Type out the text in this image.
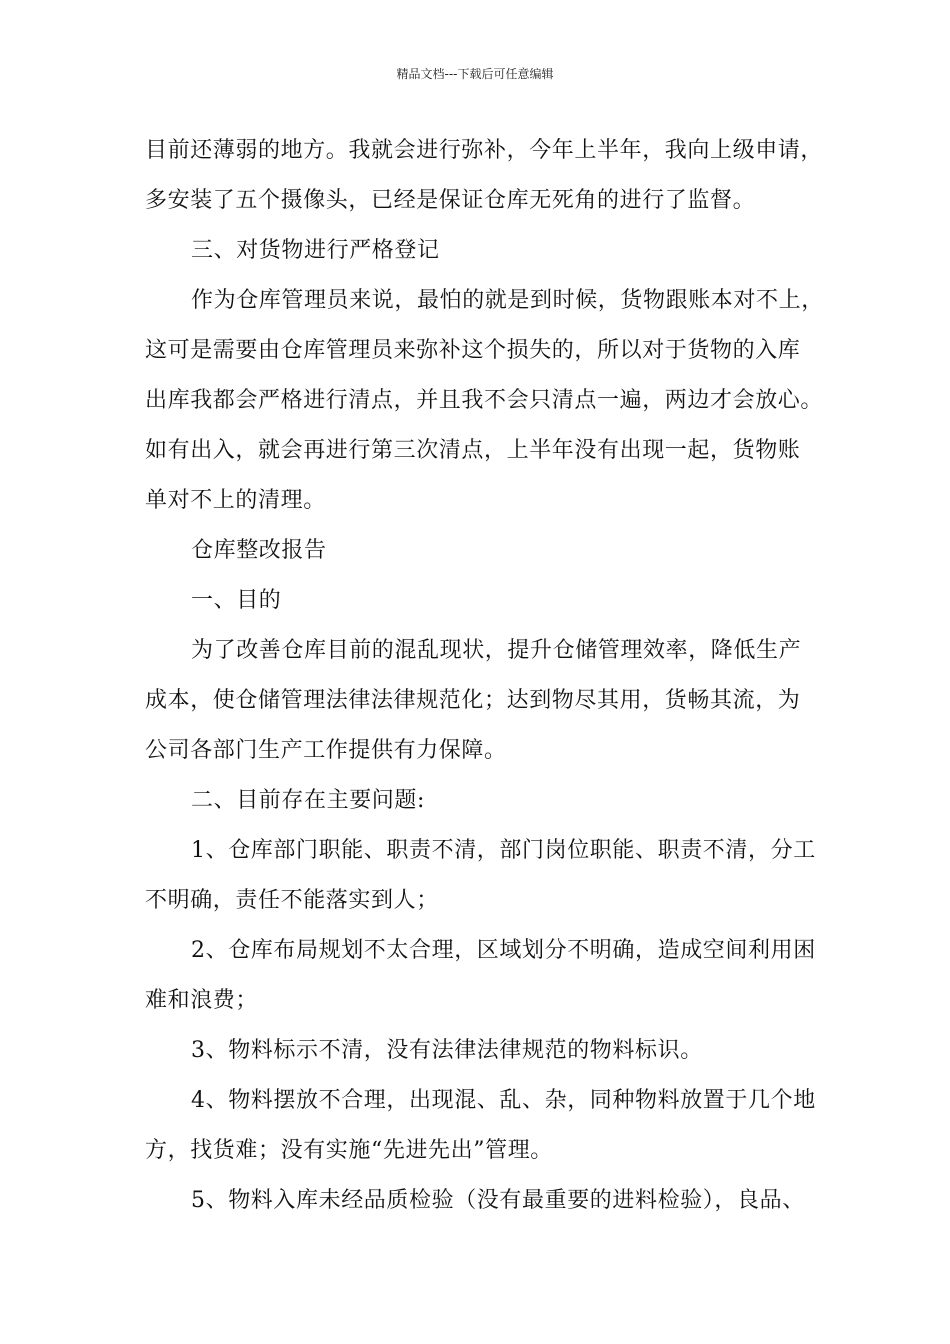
精品文档---下载后可任意编辑
目前还薄弱的地方。我就会进行弥补，今年上半年，我向上级申请，
多安装了五个摄像头，已经是保证仓库无死角的进行了监督。
三、对货物进行严格登记
作为仓库管理员来说，最怕的就是到时候，货物跟账本对不上，
这可是需要由仓库管理员来弥补这个损失的，所以对于货物的入库
出库我都会严格进行清点，并且我不会只清点一遍，两边才会放心。
如有出入，就会再进行第三次清点，上半年没有出现一起，货物账
单对不上的清理。
仓库整改报告
一、目的
为了改善仓库目前的混乱现状，提升仓储管理效率，降低生产
成本，使仓储管理法律法律规范化；达到物尽其用，货畅其流，为
公司各部门生产工作提供有力保障。
二、目前存在主要问题:
1、仓库部门职能、职责不清，部门岗位职能、职责不清，分工
不明确，责任不能落实到人；
2、仓库布局规划不太合理，区域划分不明确，造成空间利用困
难和浪费；
3、物料标示不清，没有法律法律规范的物料标识。
4、物料摆放不合理，出现混、乱、杂，同种物料放置于几个地
方，找货难；没有实施“先进先出”管理。
5、物料入库未经品质检验（没有最重要的进料检验），良品、
